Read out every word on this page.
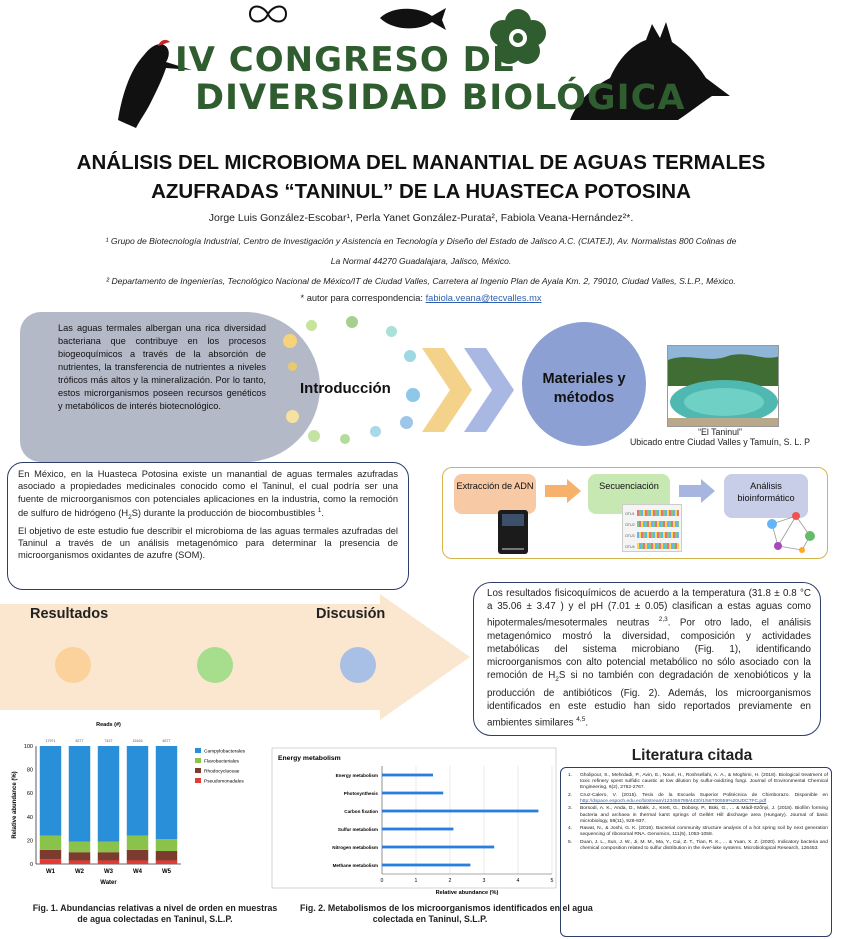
IV CONGRESO DE
DIVERSIDAD BIOLÓGICA
ANÁLISIS DEL MICROBIOMA DEL MANANTIAL DE AGUAS TERMALES
AZUFRADAS “TANINUL” DE LA HUASTECA POTOSINA
Jorge Luis González-Escobar¹, Perla Yanet González-Purata², Fabiola Veana-Hernández²*.
¹ Grupo de Biotecnología Industrial, Centro de Investigación y Asistencia en Tecnología y Diseño del Estado de Jalisco A.C. (CIATEJ), Av. Normalistas 800 Colinas de
La Normal 44270 Guadalajara, Jalisco, México.
² Departamento de Ingenierías, Tecnológico Nacional de México/IT de Ciudad Valles, Carretera al Ingenio Plan de Ayala Km. 2, 79010, Ciudad Valles, S.L.P., México.
* autor para correspondencia: fabiola.veana@tecvalles.mx
Las aguas termales albergan una rica diversidad bacteriana que contribuye en los procesos biogeoquímicos a través de la absorción de nutrientes, la transferencia de nutrientes a niveles tróficos más altos y la mineralización. Por lo tanto, estos microrganismos poseen recursos genéticos y metabólicos de interés biotecnológico.
Introducción
Materiales y métodos
“El Taninul”
Ubicado entre Ciudad Valles y Tamuín, S. L. P
En México, en la Huasteca Potosina existe un manantial de aguas termales azufradas asociado a propiedades medicinales conocido como el Taninul, el cual podría ser una fuente de microorganismos con potenciales aplicaciones en la industria, como la remoción de sulfuro de hidrógeno $(H_2S)$ durante la producción de biocombustibles $^1$.
El objetivo de este estudio fue describir el microbioma de las aguas termales azufradas del Taninul a través de un análisis metagenómico para determinar la presencia de microorganismos oxidantes de azufre (SOM).
Extracción de ADN	Secuenciación	Análisis bioinformático
OTU1
OTU2
OTU3
OTU4
Resultados	Discusión
Los resultados fisicoquímicos de acuerdo a la temperatura (31.8 ± 0.8 °C a 35.06 ± 3.47 ) y el pH (7.01 ± 0.05) clasifican a estas aguas como hipotermales/mesotermales neutras $^{2,3}$. Por otro lado, el análisis metagenómico mostró la diversidad, composición y actividades metabólicas del sistema microbiano (Fig. 1), identificando microorganismos con alto potencial metabólico no sólo asociado con la remoción de $H_2S$ si no también con degradación de xenobióticos y la producción de antibióticos (Fig. 2). Además, los microorganismos identificados en este estudio han sido reportados previamente en ambientes similares $^{4,5}$.
Reads (#)
0
20
40
60
80
100
Relative abundance (%)
W1
17971
W2
8277
W3
7427
W4
15163
W5
8277
Water
Campylobacterales
Flavobacteriales
Rhodocyclaceae
Pseudomonadales
Fig. 1. Abundancias relativas a nivel de orden en muestras
de agua colectadas en Taninul, S.L.P.
Energy metabolism
0	1	2	3	4	5
Energy metabolism
Photosynthesis
Carbon fixation
Sulfur metabolism
Nitrogen metabolism
Methane metabolism
Relative abundance (%)
Fig. 2. Metabolismos de los microorganismos identificados en el agua
colectada en Taninul, S.L.P.
Literatura citada
1. Gholipour, S., Mehrdadi, P., Avin, E., Nouri, H., Roshsellahi, A. A., & Moghimi, H. (2018). Biological treatment of toxic refinery spent sulfidic caustic at low dilution by sulfur-oxidizing fungi. Journal of Environmental Chemical Engineering, 6(2), 2762-2767.
2. Cruz-Calero, V. (2015). Tesis de la Escuela Superior Politécnica de Chimborazo. Disponible en http://dspace.espoch.edu.ec/bitstream/123456789/4430/1/56T00559%20UDCTFC.pdf
3. Borsodi, A. K., Anda, D., Makk, J., Krett, G., Dobosy, P., Büki, G., ... & Mádl-Szőnyi, J. (2018). Biofilm forming bacteria and archaea in thermal karst springs of Gellért Hill discharge area (Hungary). Journal of basic microbiology, 58(11), 928-937.
4. Rawat, N., & Joshi, G. K. (2019). Bacterial community structure analysis of a hot spring soil by next generation sequencing of ribosomal RNA. Genomics, 111(5), 1053-1058.
5. Duan, J. L., Sun, J. W., Ji, M. M., Ma, Y., Cui, Z. T., Tian, R. K., ... & Yuan, X. Z. (2020). Indicatory bacteria and chemical composition related to sulfur distribution in the river-lake systems. Microbiological Research, 126453.
